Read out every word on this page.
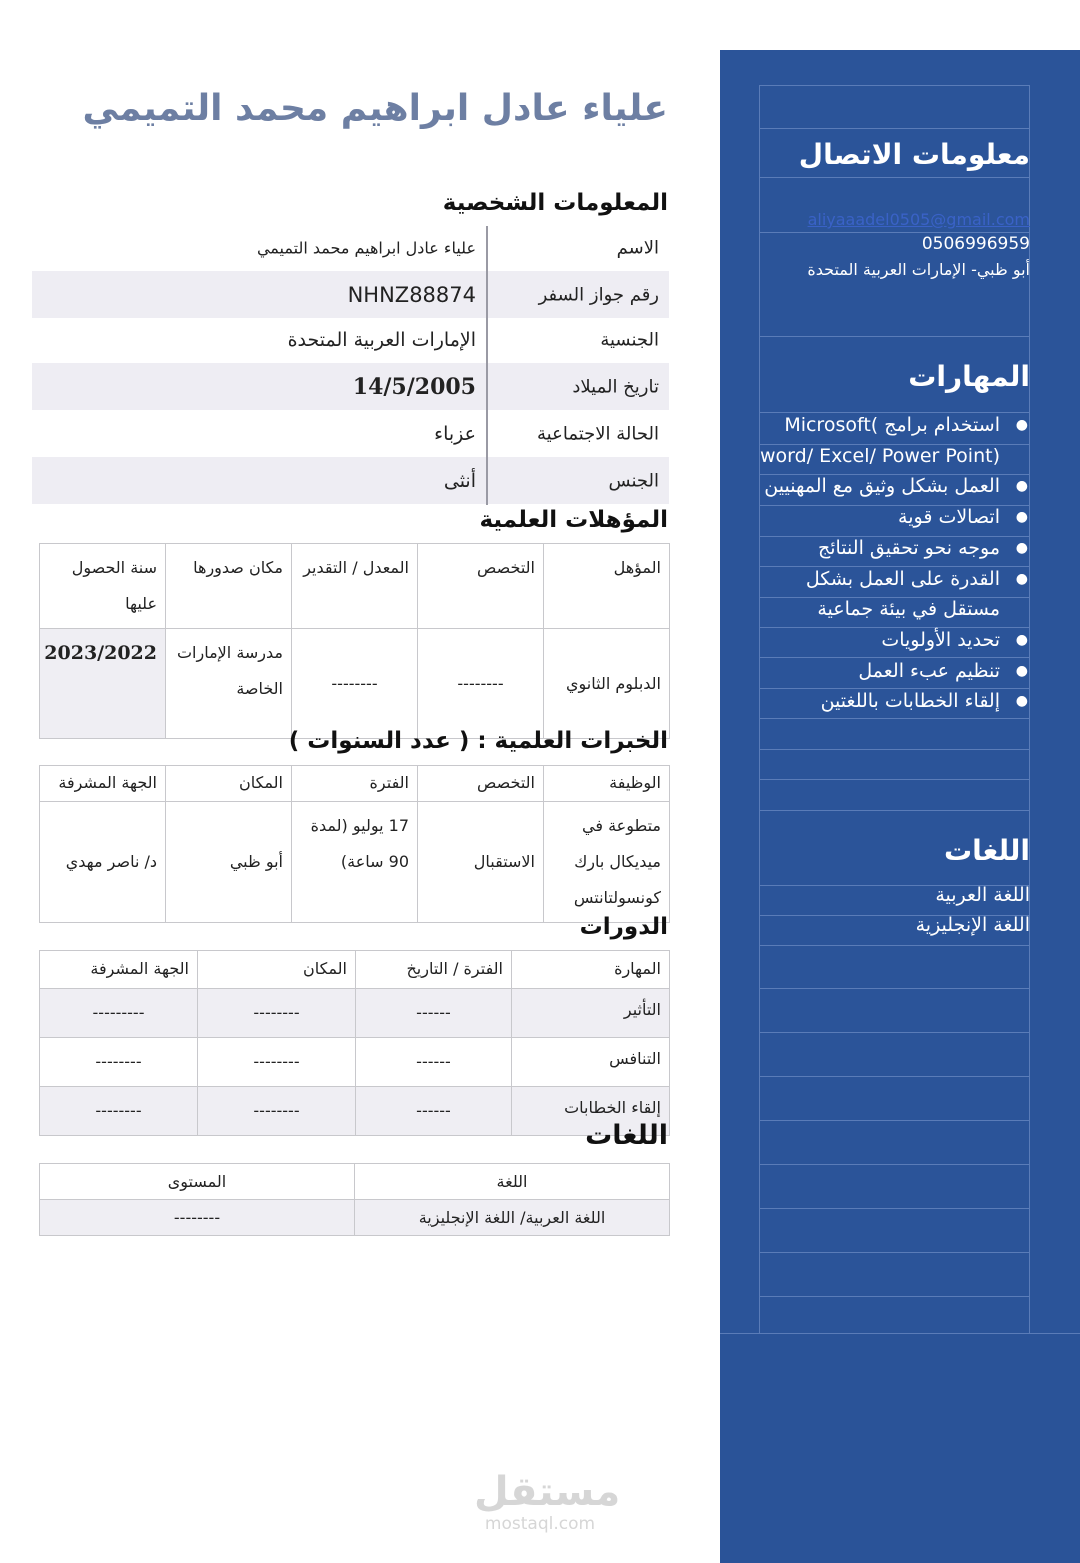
معلومات الاتصال
aliyaaadel0505@gmail.com
0506996959
أبو ظبي- الإمارات العربية المتحدة
المهارات
●
استخدام برامج Microsoft( word/ Excel/ Power Point)
●
العمل بشكل وثيق مع المهنيين
●
اتصالات قوية
●
موجه نحو تحقيق النتائج
●
القدرة على العمل بشكل مستقل في بيئة جماعية
●
تحديد الأولويات
●
تنظيم عبء العمل
●
إلقاء الخطابات باللغتين
اللغات
اللغة العربية
اللغة الإنجليزية
علياء عادل ابراهيم محمد التميمي
المعلومات الشخصية
الاسم
علياء عادل ابراهيم محمد التميمي
رقم جواز السفر
NHNZ88874
الجنسية
الإمارات العربية المتحدة
تاريخ الميلاد
14/5/2005
الحالة الاجتماعية
عزباء
الجنس
أنثى
المؤهلات العلمية
المؤهل	التخصص	المعدل / التقدير	مكان صدورها	سنة الحصول عليها
الدبلوم الثانوي	--------	--------	مدرسة الإمارات الخاصة	2023/2022
الخبرات العلمية : ( عدد السنوات )
الوظيفة	التخصص	الفترة	المكان	الجهة المشرفة
متطوعة في ميديكال بارك كونسولتانتس	الاستقبال	17 يوليو (لمدة 90 ساعة)	أبو ظبي	د/ ناصر مهدي
الدورات
المهارة	الفترة / التاريخ	المكان	الجهة المشرفة
التأثير	------	--------	---------
التنافس	------	--------	--------
إلقاء الخطابات	------	--------	--------
اللغات
اللغة	المستوى
اللغة العربية/ اللغة الإنجليزية	--------
مستقل
mostaql.com
